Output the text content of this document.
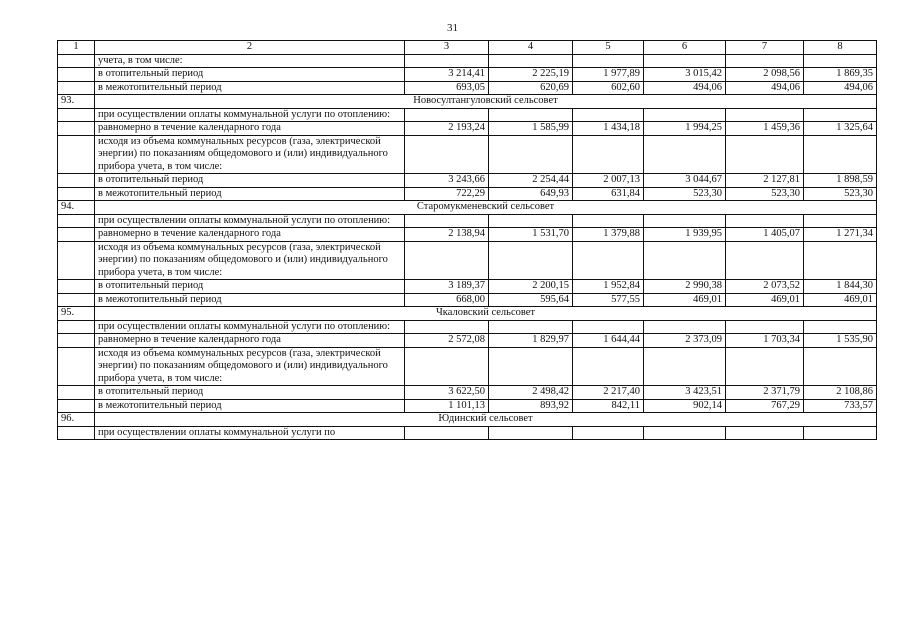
31
1	2	3	4	5	6	7	8
	учета, в том числе:						
	в отопительный период	3 214,41	2 225,19	1 977,89	3 015,42	2 098,56	1 869,35
	в межотопительный период	693,05	620,69	602,60	494,06	494,06	494,06
93.	Новосултангуловский сельсовет						
	при осуществлении оплаты коммунальной услуги по отоплению:						
	равномерно в течение календарного года	2 193,24	1 585,99	1 434,18	1 994,25	1 459,36	1 325,64
	исходя из объема коммунальных ресурсов (газа, электрической энергии) по показаниям общедомового и (или) индивидуального прибора учета, в том числе:						
	в отопительный период	3 243,66	2 254,44	2 007,13	3 044,67	2 127,81	1 898,59
	в межотопительный период	722,29	649,93	631,84	523,30	523,30	523,30
94.	Старомукменевский сельсовет						
	при осуществлении оплаты коммунальной услуги по отоплению:						
	равномерно в течение календарного года	2 138,94	1 531,70	1 379,88	1 939,95	1 405,07	1 271,34
	исходя из объема коммунальных ресурсов (газа, электрической энергии) по показаниям общедомового и (или) индивидуального прибора учета, в том числе:						
	в отопительный период	3 189,37	2 200,15	1 952,84	2 990,38	2 073,52	1 844,30
	в межотопительный период	668,00	595,64	577,55	469,01	469,01	469,01
95.	Чкаловский сельсовет						
	при осуществлении оплаты коммунальной услуги по отоплению:						
	равномерно в течение календарного года	2 572,08	1 829,97	1 644,44	2 373,09	1 703,34	1 535,90
	исходя из объема коммунальных ресурсов (газа, электрической энергии) по показаниям общедомового и (или) индивидуального прибора учета, в том числе:						
	в отопительный период	3 622,50	2 498,42	2 217,40	3 423,51	2 371,79	2 108,86
	в межотопительный период	1 101,13	893,92	842,11	902,14	767,29	733,57
96.	Юдинский сельсовет						
	при осуществлении оплаты коммунальной услуги по						
